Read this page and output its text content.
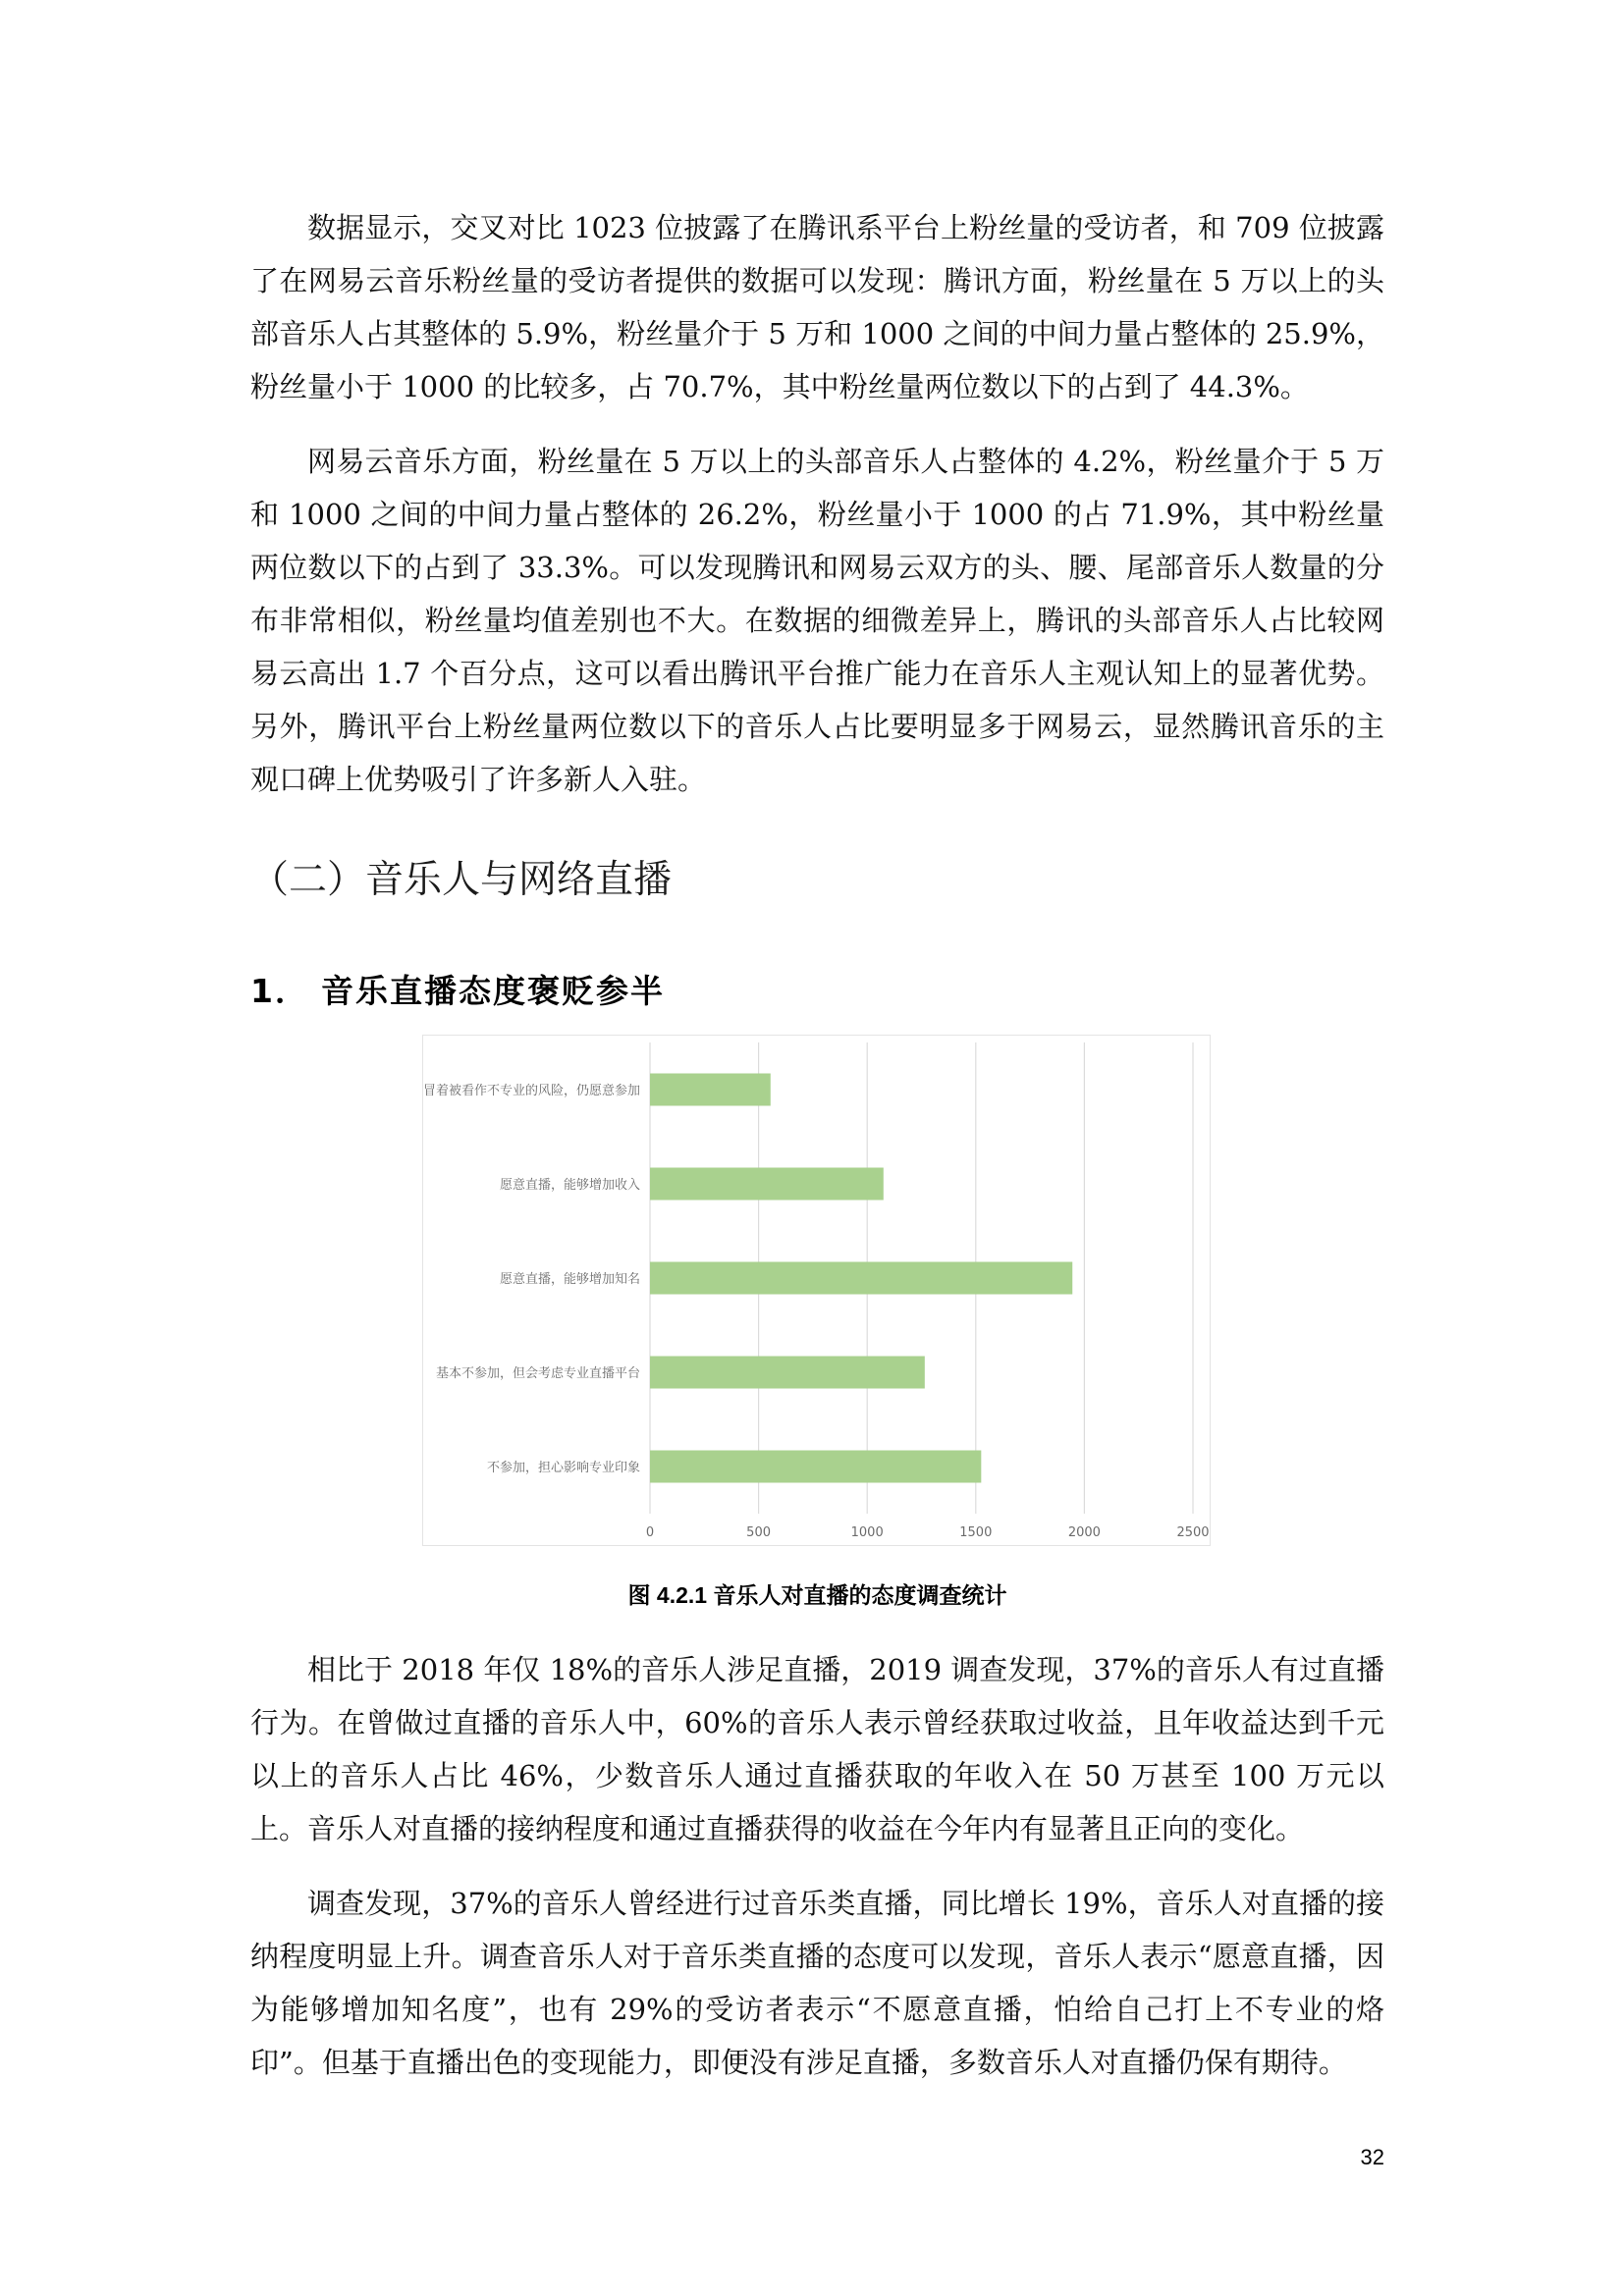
数据显示，交叉对比 1023 位披露了在腾讯系平台上粉丝量的受访者，和 709 位披露了在网易云音乐粉丝量的受访者提供的数据可以发现：腾讯方面，粉丝量在 5 万以上的头部音乐人占其整体的 5.9%，粉丝量介于 5 万和 1000 之间的中间力量占整体的 25.9%，粉丝量小于 1000 的比较多，占 70.7%，其中粉丝量两位数以下的占到了 44.3%。

网易云音乐方面，粉丝量在 5 万以上的头部音乐人占整体的 4.2%，粉丝量介于 5 万和 1000 之间的中间力量占整体的 26.2%，粉丝量小于 1000 的占 71.9%，其中粉丝量两位数以下的占到了 33.3%。可以发现腾讯和网易云双方的头、腰、尾部音乐人数量的分布非常相似，粉丝量均值差别也不大。在数据的细微差异上，腾讯的头部音乐人占比较网易云高出 1.7 个百分点，这可以看出腾讯平台推广能力在音乐人主观认知上的显著优势。另外，腾讯平台上粉丝量两位数以下的音乐人占比要明显多于网易云，显然腾讯音乐的主观口碑上优势吸引了许多新人入驻。

（二）音乐人与网络直播
1． 音乐直播态度褒贬参半
0	500	1000	1500	2000	2500
冒着被看作不专业的风险，仍愿意参加
愿意直播，能够增加收入
愿意直播，能够增加知名
基本不参加，但会考虑专业直播平台
不参加，担心影响专业印象
图 4.2.1 音乐人对直播的态度调查统计

相比于 2018 年仅 18%的音乐人涉足直播，2019 调查发现，37%的音乐人有过直播行为。在曾做过直播的音乐人中，60%的音乐人表示曾经获取过收益，且年收益达到千元以上的音乐人占比 46%，少数音乐人通过直播获取的年收入在 50 万甚至 100 万元以上。音乐人对直播的接纳程度和通过直播获得的收益在今年内有显著且正向的变化。

调查发现，37%的音乐人曾经进行过音乐类直播，同比增长 19%，音乐人对直播的接纳程度明显上升。调查音乐人对于音乐类直播的态度可以发现，音乐人表示“愿意直播，因为能够增加知名度”，也有 29%的受访者表示“不愿意直播，怕给自己打上不专业的烙印”。但基于直播出色的变现能力，即便没有涉足直播，多数音乐人对直播仍保有期待。

32
